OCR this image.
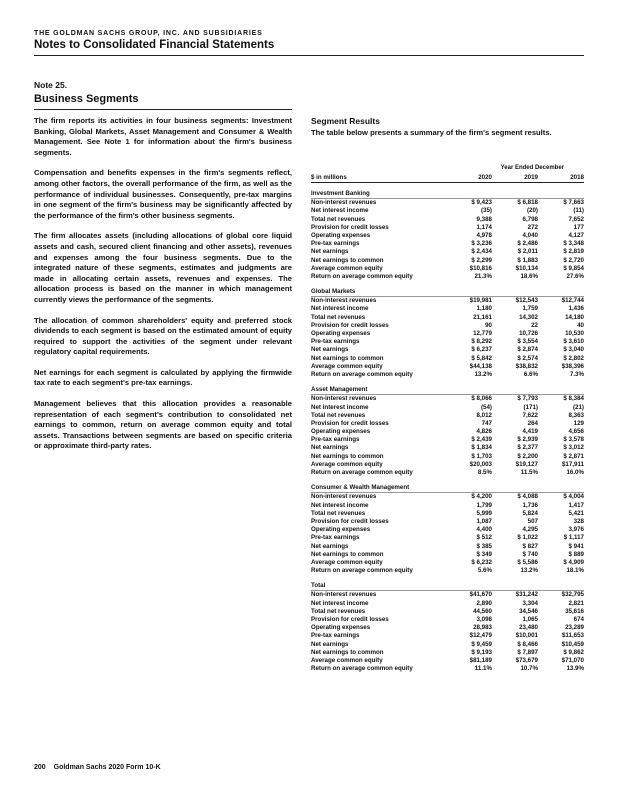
THE GOLDMAN SACHS GROUP, INC. AND SUBSIDIARIES
Notes to Consolidated Financial Statements
Note 25.
Business Segments

The firm reports its activities in four business segments: Investment Banking, Global Markets, Asset Management and Consumer & Wealth Management. See Note 1 for information about the firm's business segments.

Compensation and benefits expenses in the firm's segments reflect, among other factors, the overall performance of the firm, as well as the performance of individual businesses. Consequently, pre-tax margins in one segment of the firm's business may be significantly affected by the performance of the firm's other business segments.

The firm allocates assets (including allocations of global core liquid assets and cash, secured client financing and other assets), revenues and expenses among the four business segments. Due to the integrated nature of these segments, estimates and judgments are made in allocating certain assets, revenues and expenses. The allocation process is based on the manner in which management currently views the performance of the segments.

The allocation of common shareholders' equity and preferred stock dividends to each segment is based on the estimated amount of equity required to support the activities of the segment under relevant regulatory capital requirements.

Net earnings for each segment is calculated by applying the firmwide tax rate to each segment's pre-tax earnings.

Management believes that this allocation provides a reasonable representation of each segment's contribution to consolidated net earnings to common, return on average common equity and total assets. Transactions between segments are based on specific criteria or approximate third-party rates.

Segment Results

The table below presents a summary of the firm's segment results.

Year Ended December
$ in millions	2020	2019	2018
Investment Banking
Non-interest revenues	$ 9,423	$ 6,818	$ 7,663
Net interest income	(35)	(20)	(11)
Total net revenues	9,388	6,798	7,652
Provision for credit losses	1,174	272	177
Operating expenses	4,978	4,040	4,127
Pre-tax earnings	$ 3,236	$ 2,486	$ 3,348
Net earnings	$ 2,434	$ 2,011	$ 2,819
Net earnings to common	$ 2,299	$ 1,883	$ 2,720
Average common equity	$10,816	$10,134	$ 9,854
Return on average common equity	21.3%	18.6%	27.6%
Global Markets
Non-interest revenues	$19,981	$12,543	$12,744
Net interest income	1,180	1,759	1,436
Total net revenues	21,161	14,302	14,180
Provision for credit losses	90	22	40
Operating expenses	12,779	10,726	10,530
Pre-tax earnings	$ 8,292	$ 3,554	$ 3,610
Net earnings	$ 6,237	$ 2,874	$ 3,040
Net earnings to common	$ 5,842	$ 2,574	$ 2,802
Average common equity	$44,138	$38,832	$38,396
Return on average common equity	13.2%	6.6%	7.3%
Asset Management
Non-interest revenues	$ 8,066	$ 7,793	$ 8,384
Net interest income	(54)	(171)	(21)
Total net revenues	8,012	7,622	8,363
Provision for credit losses	747	264	129
Operating expenses	4,826	4,419	4,656
Pre-tax earnings	$ 2,439	$ 2,939	$ 3,578
Net earnings	$ 1,834	$ 2,377	$ 3,012
Net earnings to common	$ 1,703	$ 2,200	$ 2,871
Average common equity	$20,003	$19,127	$17,911
Return on average common equity	8.5%	11.5%	16.0%
Consumer & Wealth Management
Non-interest revenues	$ 4,200	$ 4,088	$ 4,004
Net interest income	1,799	1,736	1,417
Total net revenues	5,999	5,824	5,421
Provision for credit losses	1,087	507	328
Operating expenses	4,400	4,295	3,976
Pre-tax earnings	$ 512	$ 1,022	$ 1,117
Net earnings	$ 385	$ 827	$ 941
Net earnings to common	$ 349	$ 740	$ 889
Average common equity	$ 6,232	$ 5,586	$ 4,909
Return on average common equity	5.6%	13.2%	18.1%
Total
Non-interest revenues	$41,670	$31,242	$32,795
Net interest income	2,890	3,304	2,821
Total net revenues	44,560	34,546	35,616
Provision for credit losses	3,098	1,065	674
Operating expenses	28,983	23,480	23,289
Pre-tax earnings	$12,479	$10,001	$11,653
Net earnings	$ 9,459	$ 8,466	$10,459
Net earnings to common	$ 9,193	$ 7,897	$ 9,862
Average common equity	$81,189	$73,679	$71,070
Return on average common equity	11.1%	10.7%	13.9%
200 Goldman Sachs 2020 Form 10-K
